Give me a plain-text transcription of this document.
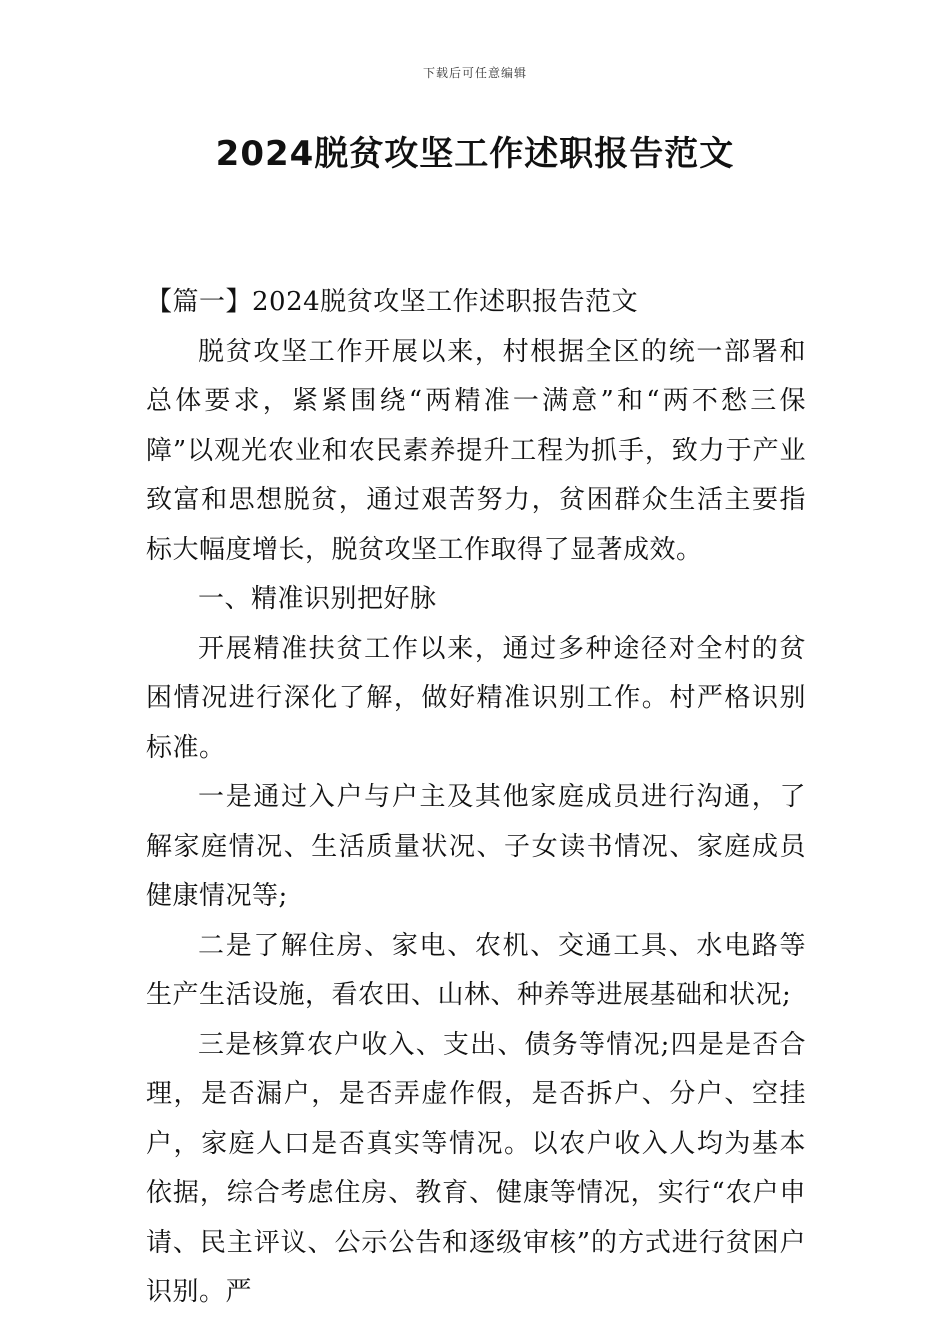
下载后可任意编辑
2024脱贫攻坚工作述职报告范文

【篇一】2024脱贫攻坚工作述职报告范文

脱贫攻坚工作开展以来，村根据全区的统一部署和总体要求，紧紧围绕“两精准一满意”和“两不愁三保障”以观光农业和农民素养提升工程为抓手，致力于产业致富和思想脱贫，通过艰苦努力，贫困群众生活主要指标大幅度增长，脱贫攻坚工作取得了显著成效。

一、精准识别把好脉

开展精准扶贫工作以来，通过多种途径对全村的贫困情况进行深化了解，做好精准识别工作。村严格识别标准。

一是通过入户与户主及其他家庭成员进行沟通，了解家庭情况、生活质量状况、子女读书情况、家庭成员健康情况等;

二是了解住房、家电、农机、交通工具、水电路等生产生活设施，看农田、山林、种养等进展基础和状况;

三是核算农户收入、支出、债务等情况;四是是否合理，是否漏户，是否弄虚作假，是否拆户、分户、空挂户，家庭人口是否真实等情况。以农户收入人均为基本依据，综合考虑住房、教育、健康等情况，实行“农户申请、民主评议、公示公告和逐级审核”的方式进行贫困户识别。严
